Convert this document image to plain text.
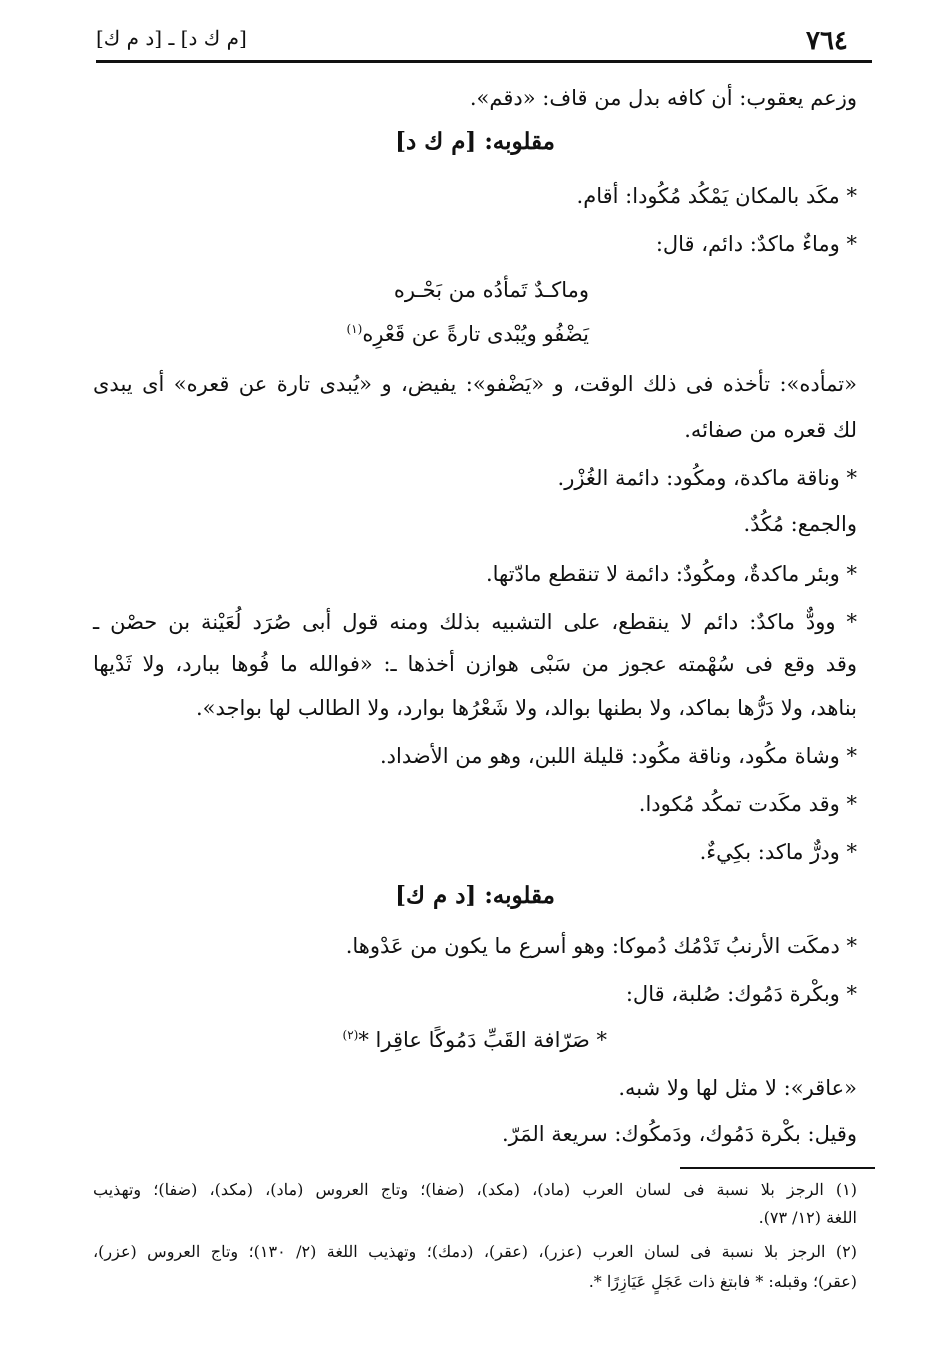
٧٦٤
[م ك د] ـ [د م ك]
وزعم يعقوب: أن كافه بدل من قاف: «دقم».
مقلوبه: [م ك د]
* مكَد بالمكان يَمْكُد مُكُودا: أقام.
* وماءٌ ماكدٌ: دائم، قال:
وماكـدٌ تَمأدُه من بَحْـره
يَضْفُو ويُبْدى تارةً عن قَعْرِه$^{(١)}$
«تمأده»: تأخذه فى ذلك الوقت، و «يَضْفو»: يفيض، و «يُبدى تارة عن قعره» أى يبدى
لك قعره من صفائه.
* وناقة ماكدة، ومكُود: دائمة الغُزْر.
والجمع: مُكُدٌ.
* وبئر ماكدةٌ، ومكُودٌ: دائمة لا تنقطع مادّتها.
* وودٌّ ماكدٌ: دائم لا ينقطع، على التشبيه بذلك ومنه قول أبى صُرَد لُعَيْنة بن حصْن ـ
وقد وقع فى سُهْمته عجوز من سَبْى هوازن أخذها ـ: «فوالله ما فُوها ببارد، ولا ثَدْيها
بناهد، ولا دَرُّها بماكد، ولا بطنها بوالد، ولا شَعْرُها بوارد، ولا الطالب لها بواجد».
* وشاة مكُود، وناقة مكُود: قليلة اللبن، وهو من الأضداد.
* وقد مكَدت تمكُد مُكودا.
* ودرٌّ ماكد: بكِيءٌ.
مقلوبه: [د م ك]
* دمكَت الأرنبُ تَدْمُك دُموكا: وهو أسرع ما يكون من عَدْوها.
* وبكْرة دَمُوك: صُلبة، قال:
* صَرّافة القَبِّ دَمُوكًا عاقِرا *$^{(٢)}$
«عاقر»: لا مثل لها ولا شبه.
وقيل: بكْرة دَمُوك، ودَمكُوك: سريعة المَرّ.
(١) الرجز بلا نسبة فى لسان العرب (ماد)، (مكد)، (ضفا)؛ وتاج العروس (ماد)، (مكد)، (ضفا)؛ وتهذيب
اللغة (١٢/ ٧٣).
(٢) الرجز بلا نسبة فى لسان العرب (عزر)، (عقر)، (دمك)؛ وتهذيب اللغة (٢/ ١٣٠)؛ وتاج العروس (عزر)،
(عقر)؛ وقبله: * فابتغ ذات عَجَلٍ عَيَازِرًا *.
